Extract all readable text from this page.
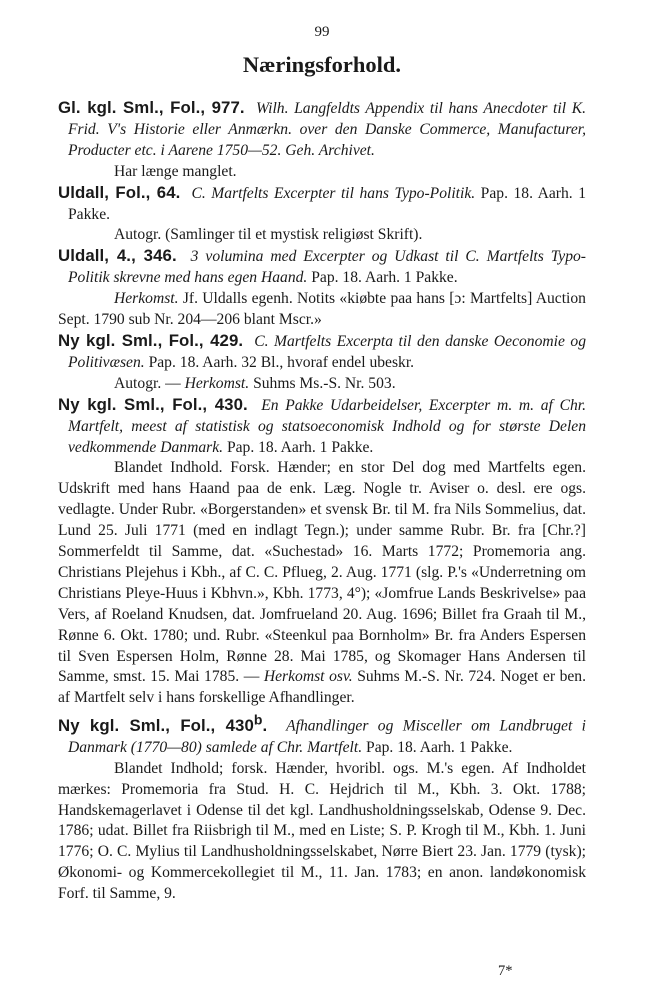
99
Næringsforhold.

Gl. kgl. Sml., Fol., 977. Wilh. Langfeldts Appendix til hans Anecdoter til K. Frid. V's Historie eller Anmærkn. over den Danske Commerce, Manufacturer, Producter etc. i Aarene 1750—52. Geh. Archivet.

Har længe manglet.

Uldall, Fol., 64. C. Martfelts Excerpter til hans Typo-Politik. Pap. 18. Aarh. 1 Pakke.

Autogr. (Samlinger til et mystisk religiøst Skrift).

Uldall, 4., 346. 3 volumina med Excerpter og Udkast til C. Martfelts Typo-Politik skrevne med hans egen Haand. Pap. 18. Aarh. 1 Pakke.

Herkomst. Jf. Uldalls egenh. Notits «kiøbte paa hans [ɔ: Martfelts] Auction Sept. 1790 sub Nr. 204—206 blant Mscr.»

Ny kgl. Sml., Fol., 429. C. Martfelts Excerpta til den danske Oeconomie og Politivæsen. Pap. 18. Aarh. 32 Bl., hvoraf endel ubeskr.

Autogr. — Herkomst. Suhms Ms.-S. Nr. 503.

Ny kgl. Sml., Fol., 430. En Pakke Udarbeidelser, Excerpter m. m. af Chr. Martfelt, meest af statistisk og statsoeconomisk Indhold og for største Delen vedkommende Danmark. Pap. 18. Aarh. 1 Pakke.

Blandet Indhold. Forsk. Hænder; en stor Del dog med Martfelts egen. Udskrift med hans Haand paa de enk. Læg. Nogle tr. Aviser o. desl. ere ogs. vedlagte. Under Rubr. «Borgerstanden» et svensk Br. til M. fra Nils Sommelius, dat. Lund 25. Juli 1771 (med en indlagt Tegn.); under samme Rubr. Br. fra [Chr.?] Sommerfeldt til Samme, dat. «Suchestad» 16. Marts 1772; Promemoria ang. Christians Plejehus i Kbh., af C. C. Pflueg, 2. Aug. 1771 (slg. P.'s «Underretning om Christians Pleye-Huus i Kbhvn.», Kbh. 1773, 4°); «Jomfrue Lands Beskrivelse» paa Vers, af Roeland Knudsen, dat. Jomfrueland 20. Aug. 1696; Billet fra Graah til M., Rønne 6. Okt. 1780; und. Rubr. «Steenkul paa Bornholm» Br. fra Anders Espersen til Sven Espersen Holm, Rønne 28. Mai 1785, og Skomager Hans Andersen til Samme, smst. 15. Mai 1785. — Herkomst osv. Suhms M.-S. Nr. 724. Noget er ben. af Martfelt selv i hans forskellige Afhandlinger.

Ny kgl. Sml., Fol., 430$^b$. Afhandlinger og Misceller om Landbruget i Danmark (1770—80) samlede af Chr. Martfelt. Pap. 18. Aarh. 1 Pakke.

Blandet Indhold; forsk. Hænder, hvoribl. ogs. M.'s egen. Af Indholdet mærkes: Promemoria fra Stud. H. C. Hejdrich til M., Kbh. 3. Okt. 1788; Handskemagerlavet i Odense til det kgl. Landhusholdningsselskab, Odense 9. Dec. 1786; udat. Billet fra Riisbrigh til M., med en Liste; S. P. Krogh til M., Kbh. 1. Juni 1776; O. C. Mylius til Landhusholdningsselskabet, Nørre Biert 23. Jan. 1779 (tysk); Økonomi- og Kommercekollegiet til M., 11. Jan. 1783; en anon. landøkonomisk Forf. til Samme, 9.

7*
